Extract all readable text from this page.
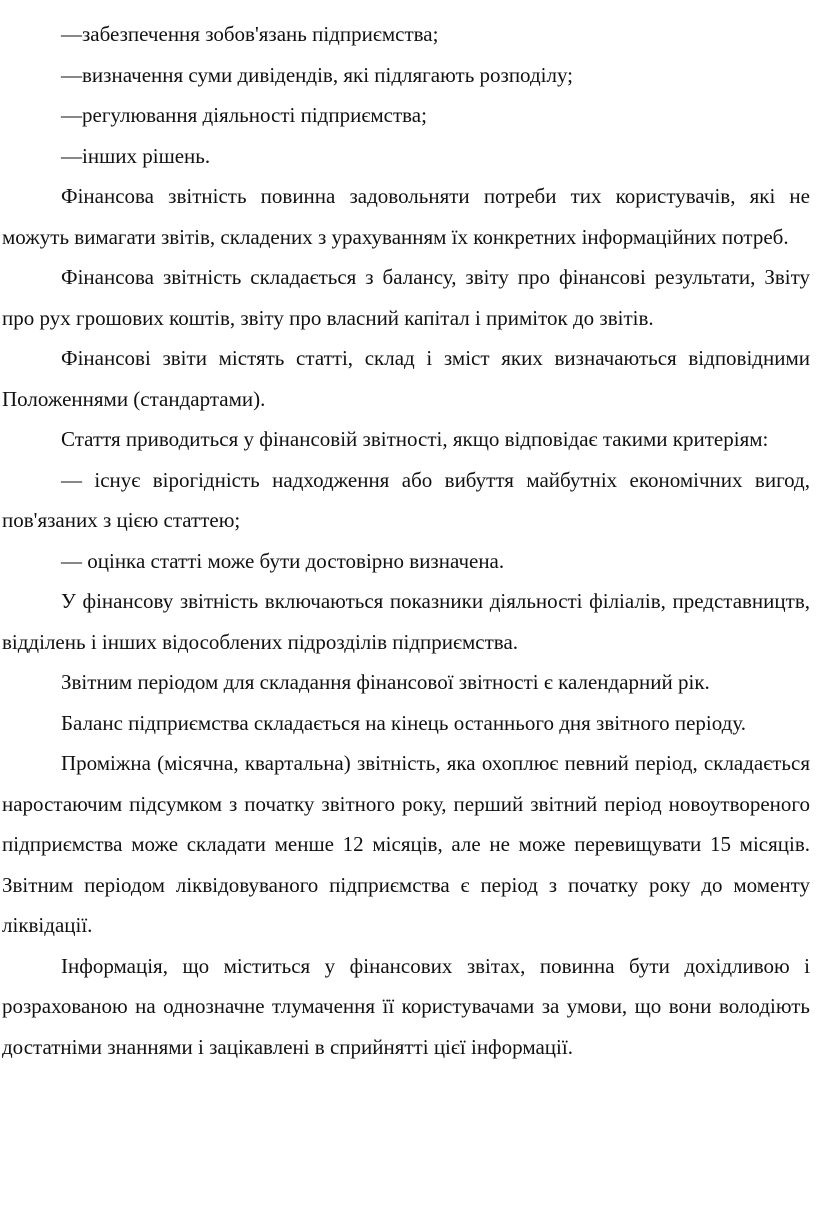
—забезпечення зобов'язань підприємства;

—визначення суми дивідендів, які підлягають розподілу;

—регулювання діяльності підприємства;

—інших рішень.

Фінансова звітність повинна задовольняти потреби тих користувачів, які не можуть вимагати звітів, складених з урахуванням їх конкретних інформаційних потреб.

Фінансова звітність складається з балансу, звіту про фінансові результати, Звіту про рух грошових коштів, звіту про власний капітал і приміток до звітів.

Фінансові звіти містять статті, склад і зміст яких визначаються відповідними Положеннями (стандартами).

Стаття приводиться у фінансовій звітності, якщо відповідає такими критеріям:

— існує вірогідність надходження або вибуття майбутніх економічних вигод, пов'язаних з цією статтею;

— оцінка статті може бути достовірно визначена.

У фінансову звітність включаються показники діяльності філіалів, представництв, відділень і інших відособлених підрозділів підприємства.

Звітним періодом для складання фінансової звітності є календарний рік.

Баланс підприємства складається на кінець останнього дня звітного періоду.

Проміжна (місячна, квартальна) звітність, яка охоплює певний період, складається наростаючим підсумком з початку звітного року, перший звітний період новоутвореного підприємства може складати менше 12 місяців, але не може перевищувати 15 місяців. Звітним періодом ліквідовуваного підприємства є період з початку року до моменту ліквідації.

Інформація, що міститься у фінансових звітах, повинна бути дохідливою і розрахованою на однозначне тлумачення її користувачами за умови, що вони володіють достатніми знаннями і зацікавлені в сприйнятті цієї інформації.
